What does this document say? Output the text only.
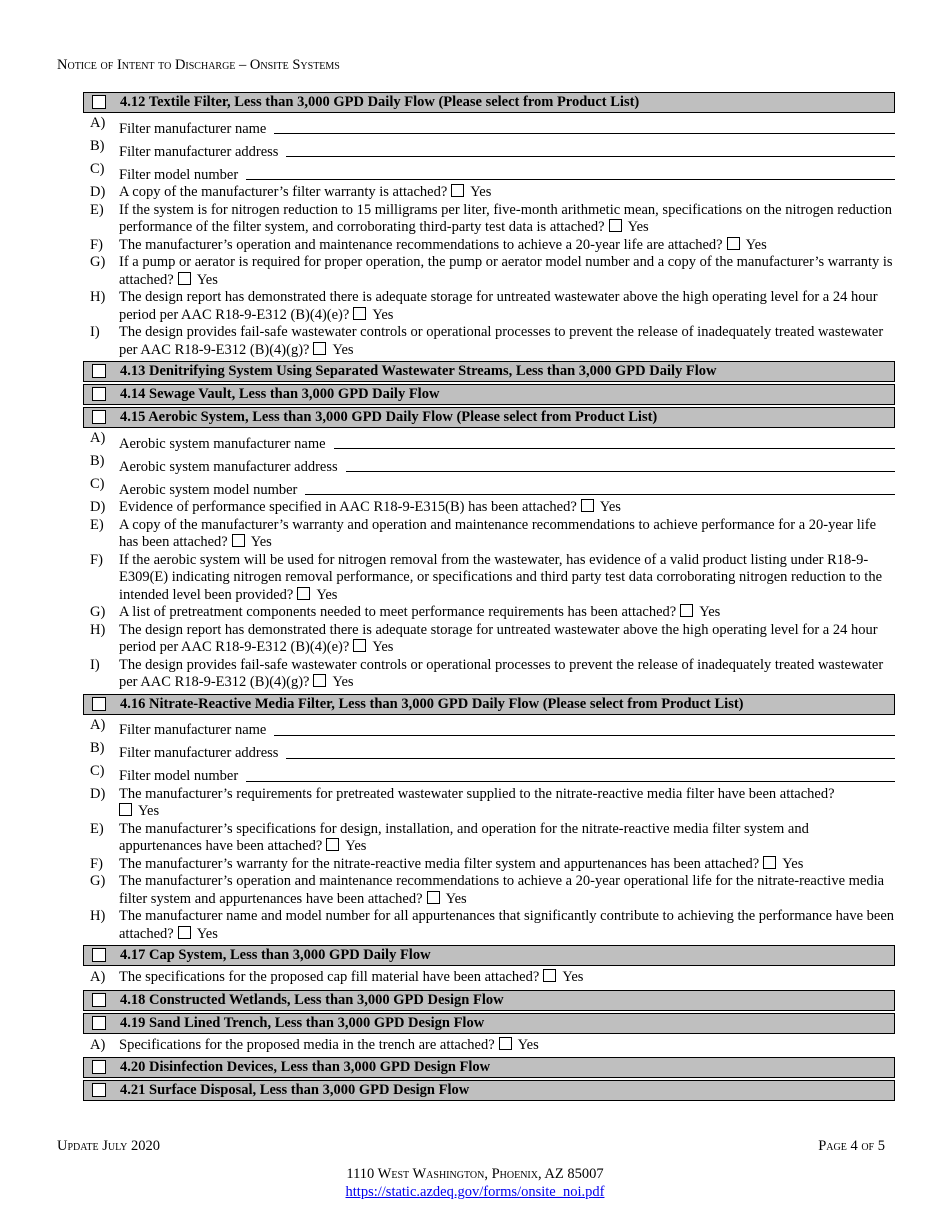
Notice of Intent to Discharge – Onsite Systems
4.12 Textile Filter, Less than 3,000 GPD Daily Flow (Please select from Product List)
A) Filter manufacturer name
B) Filter manufacturer address
C) Filter model number
D) A copy of the manufacturer’s filter warranty is attached? Yes
E) If the system is for nitrogen reduction to 15 milligrams per liter, five-month arithmetic mean, specifications on the nitrogen reduction performance of the filter system, and corroborating third-party test data is attached? Yes
F) The manufacturer’s operation and maintenance recommendations to achieve a 20-year life are attached? Yes
G) If a pump or aerator is required for proper operation, the pump or aerator model number and a copy of the manufacturer’s warranty is attached? Yes
H) The design report has demonstrated there is adequate storage for untreated wastewater above the high operating level for a 24 hour period per AAC R18-9-E312 (B)(4)(e)? Yes
I) The design provides fail-safe wastewater controls or operational processes to prevent the release of inadequately treated wastewater per AAC R18-9-E312 (B)(4)(g)? Yes
4.13 Denitrifying System Using Separated Wastewater Streams, Less than 3,000 GPD Daily Flow
4.14 Sewage Vault, Less than 3,000 GPD Daily Flow
4.15 Aerobic System, Less than 3,000 GPD Daily Flow (Please select from Product List)
A) Aerobic system manufacturer name
B) Aerobic system manufacturer address
C) Aerobic system model number
D) Evidence of performance specified in AAC R18-9-E315(B) has been attached? Yes
E) A copy of the manufacturer’s warranty and operation and maintenance recommendations to achieve performance for a 20-year life has been attached? Yes
F) If the aerobic system will be used for nitrogen removal from the wastewater, has evidence of a valid product listing under R18-9-E309(E) indicating nitrogen removal performance, or specifications and third party test data corroborating nitrogen reduction to the intended level been provided? Yes
G) A list of pretreatment components needed to meet performance requirements has been attached? Yes
H) The design report has demonstrated there is adequate storage for untreated wastewater above the high operating level for a 24 hour period per AAC R18-9-E312 (B)(4)(e)? Yes
I) The design provides fail-safe wastewater controls or operational processes to prevent the release of inadequately treated wastewater per AAC R18-9-E312 (B)(4)(g)? Yes
4.16 Nitrate-Reactive Media Filter, Less than 3,000 GPD Daily Flow (Please select from Product List)
A) Filter manufacturer name
B) Filter manufacturer address
C) Filter model number
D) The manufacturer’s requirements for pretreated wastewater supplied to the nitrate-reactive media filter have been attached?
Yes
E) The manufacturer’s specifications for design, installation, and operation for the nitrate-reactive media filter system and appurtenances have been attached? Yes
F) The manufacturer’s warranty for the nitrate-reactive media filter system and appurtenances has been attached? Yes
G) The manufacturer’s operation and maintenance recommendations to achieve a 20-year operational life for the nitrate-reactive media filter system and appurtenances have been attached? Yes
H) The manufacturer name and model number for all appurtenances that significantly contribute to achieving the performance have been attached? Yes
4.17 Cap System, Less than 3,000 GPD Daily Flow
A) The specifications for the proposed cap fill material have been attached? Yes
4.18 Constructed Wetlands, Less than 3,000 GPD Design Flow
4.19 Sand Lined Trench, Less than 3,000 GPD Design Flow
A) Specifications for the proposed media in the trench are attached? Yes
4.20 Disinfection Devices, Less than 3,000 GPD Design Flow
4.21 Surface Disposal, Less than 3,000 GPD Design Flow
Update July 2020	Page 4 of 5
1110 West Washington, Phoenix, AZ 85007
https://static.azdeq.gov/forms/onsite_noi.pdf
